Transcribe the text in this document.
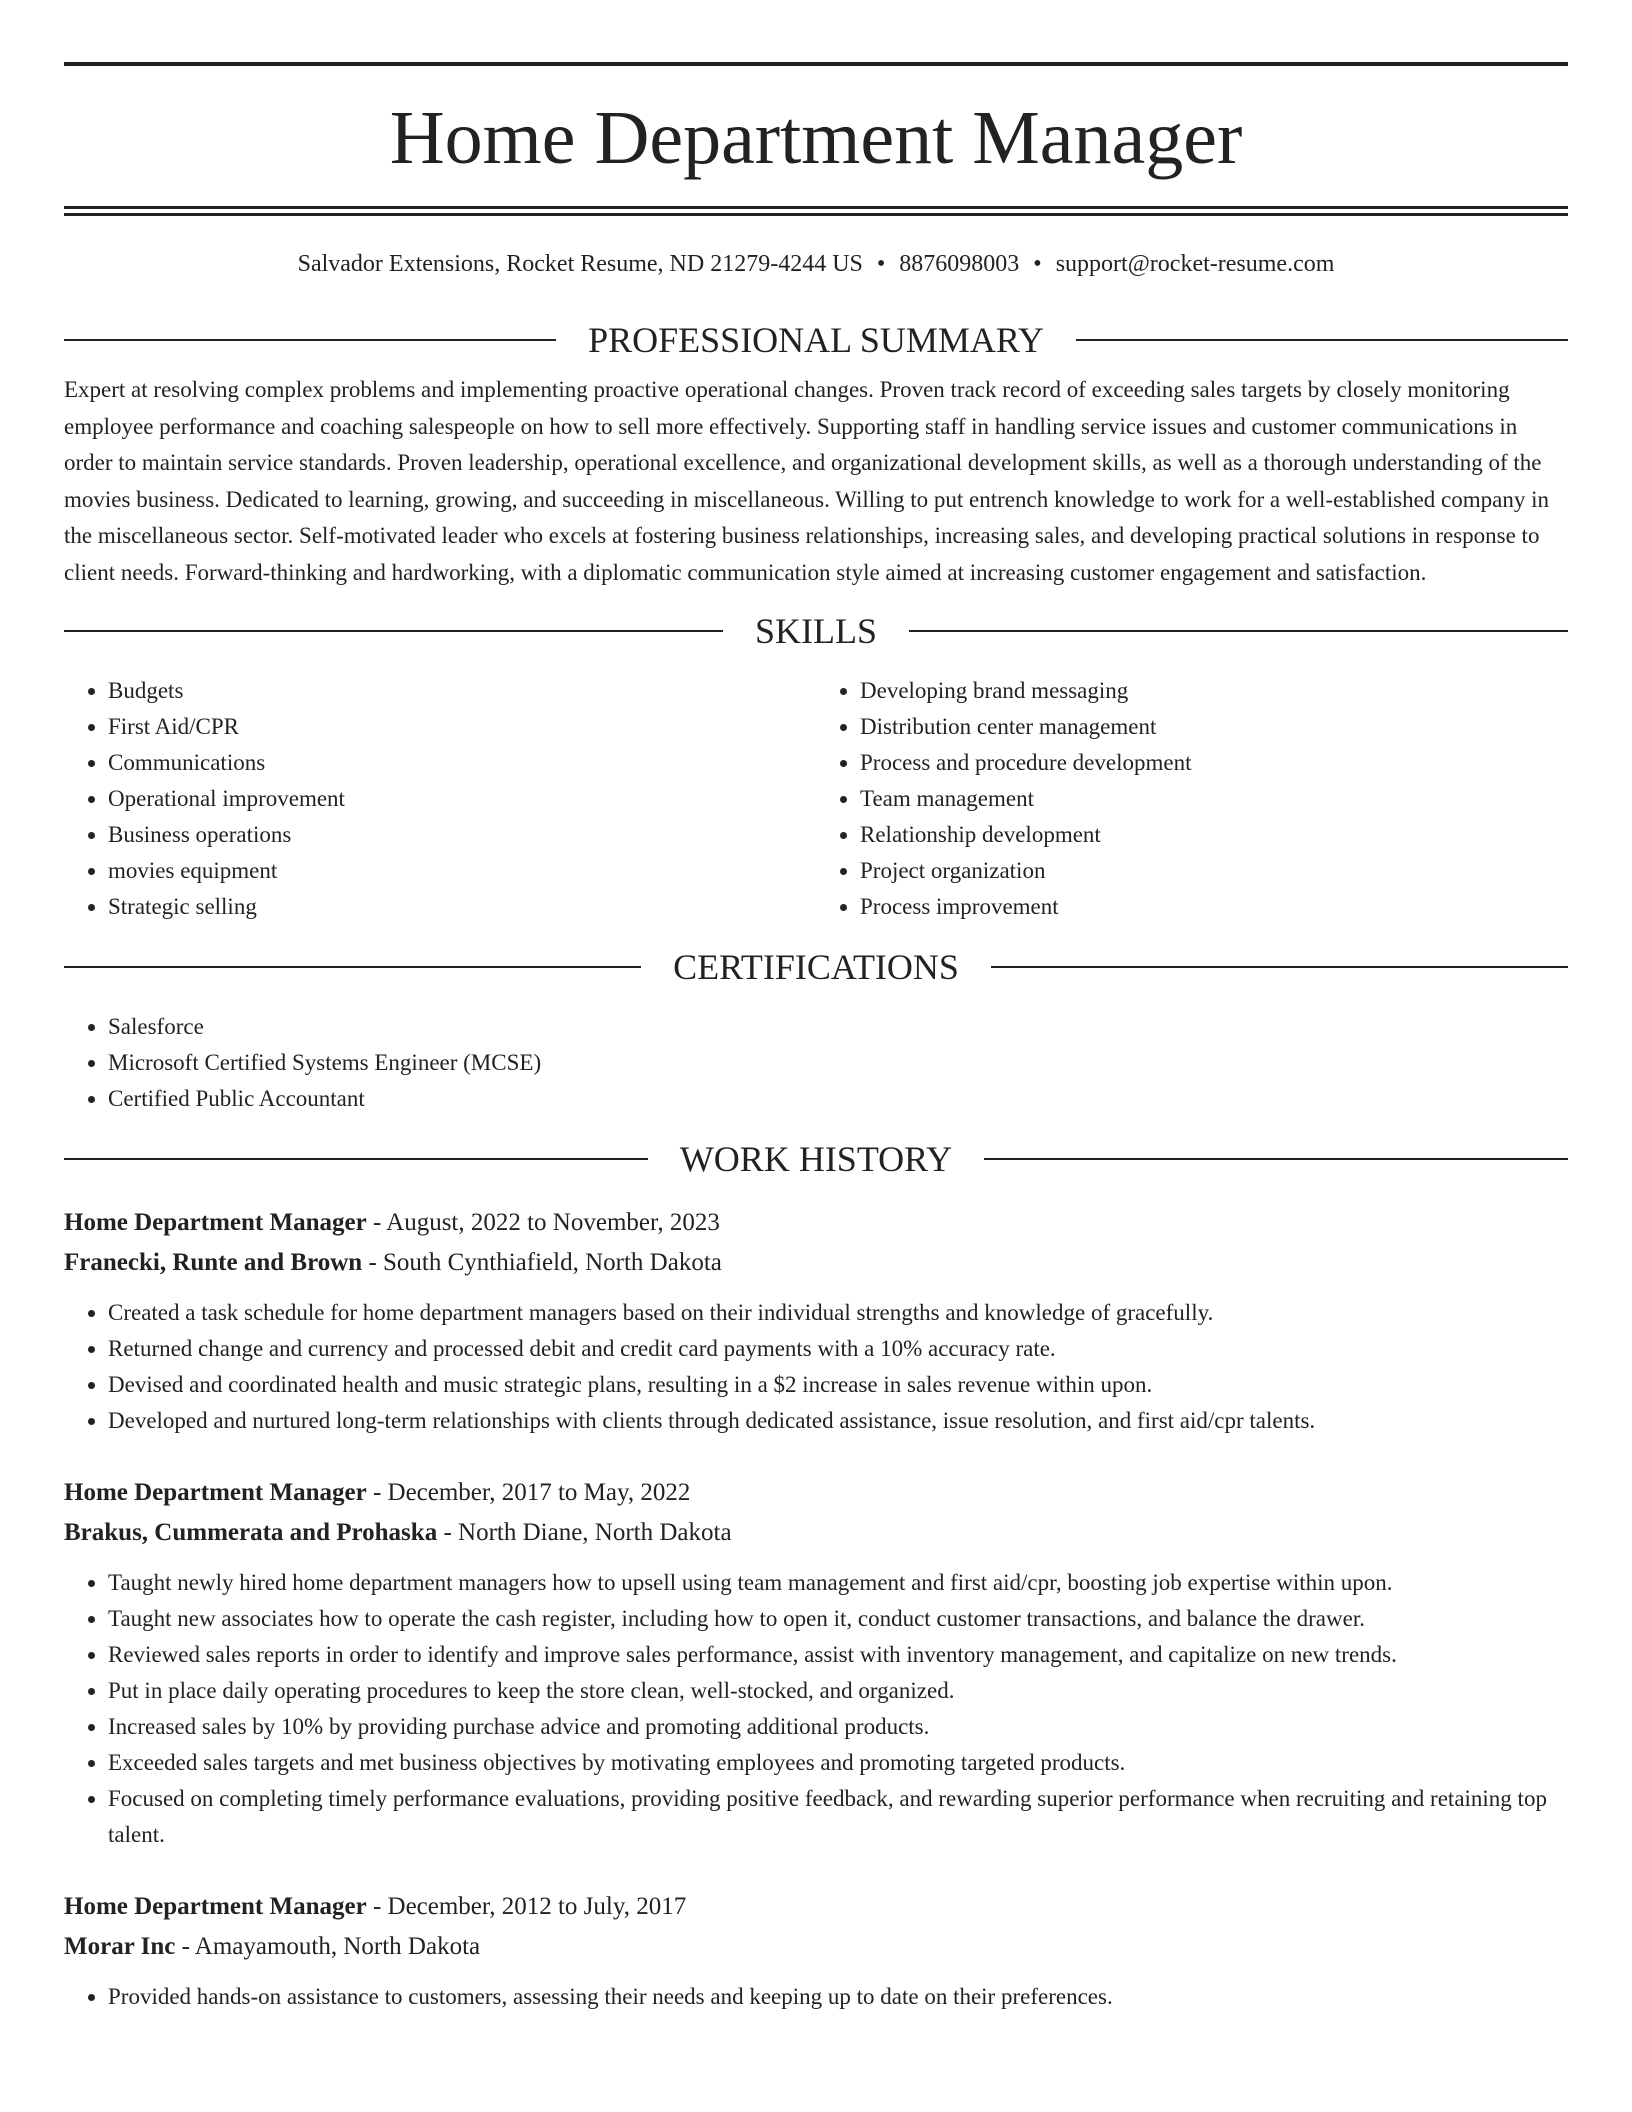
Home Department Manager
Salvador Extensions, Rocket Resume, ND 21279-4244 US • 8876098003 • support@rocket-resume.com
PROFESSIONAL SUMMARY
Expert at resolving complex problems and implementing proactive operational changes. Proven track record of exceeding sales targets by closely monitoring employee performance and coaching salespeople on how to sell more effectively. Supporting staff in handling service issues and customer communications in order to maintain service standards. Proven leadership, operational excellence, and organizational development skills, as well as a thorough understanding of the movies business. Dedicated to learning, growing, and succeeding in miscellaneous. Willing to put entrench knowledge to work for a well-established company in the miscellaneous sector. Self-motivated leader who excels at fostering business relationships, increasing sales, and developing practical solutions in response to client needs. Forward-thinking and hardworking, with a diplomatic communication style aimed at increasing customer engagement and satisfaction.
SKILLS
• Budgets
• First Aid/CPR
• Communications
• Operational improvement
• Business operations
• movies equipment
• Strategic selling
• Developing brand messaging
• Distribution center management
• Process and procedure development
• Team management
• Relationship development
• Project organization
• Process improvement
CERTIFICATIONS
• Salesforce
• Microsoft Certified Systems Engineer (MCSE)
• Certified Public Accountant
WORK HISTORY
Home Department Manager - August, 2022 to November, 2023
Franecki, Runte and Brown - South Cynthiafield, North Dakota
• Created a task schedule for home department managers based on their individual strengths and knowledge of gracefully.
• Returned change and currency and processed debit and credit card payments with a 10% accuracy rate.
• Devised and coordinated health and music strategic plans, resulting in a $2 increase in sales revenue within upon.
• Developed and nurtured long-term relationships with clients through dedicated assistance, issue resolution, and first aid/cpr talents.
Home Department Manager - December, 2017 to May, 2022
Brakus, Cummerata and Prohaska - North Diane, North Dakota
• Taught newly hired home department managers how to upsell using team management and first aid/cpr, boosting job expertise within upon.
• Taught new associates how to operate the cash register, including how to open it, conduct customer transactions, and balance the drawer.
• Reviewed sales reports in order to identify and improve sales performance, assist with inventory management, and capitalize on new trends.
• Put in place daily operating procedures to keep the store clean, well-stocked, and organized.
• Increased sales by 10% by providing purchase advice and promoting additional products.
• Exceeded sales targets and met business objectives by motivating employees and promoting targeted products.
• Focused on completing timely performance evaluations, providing positive feedback, and rewarding superior performance when recruiting and retaining top talent.
Home Department Manager - December, 2012 to July, 2017
Morar Inc - Amayamouth, North Dakota
• Provided hands-on assistance to customers, assessing their needs and keeping up to date on their preferences.
